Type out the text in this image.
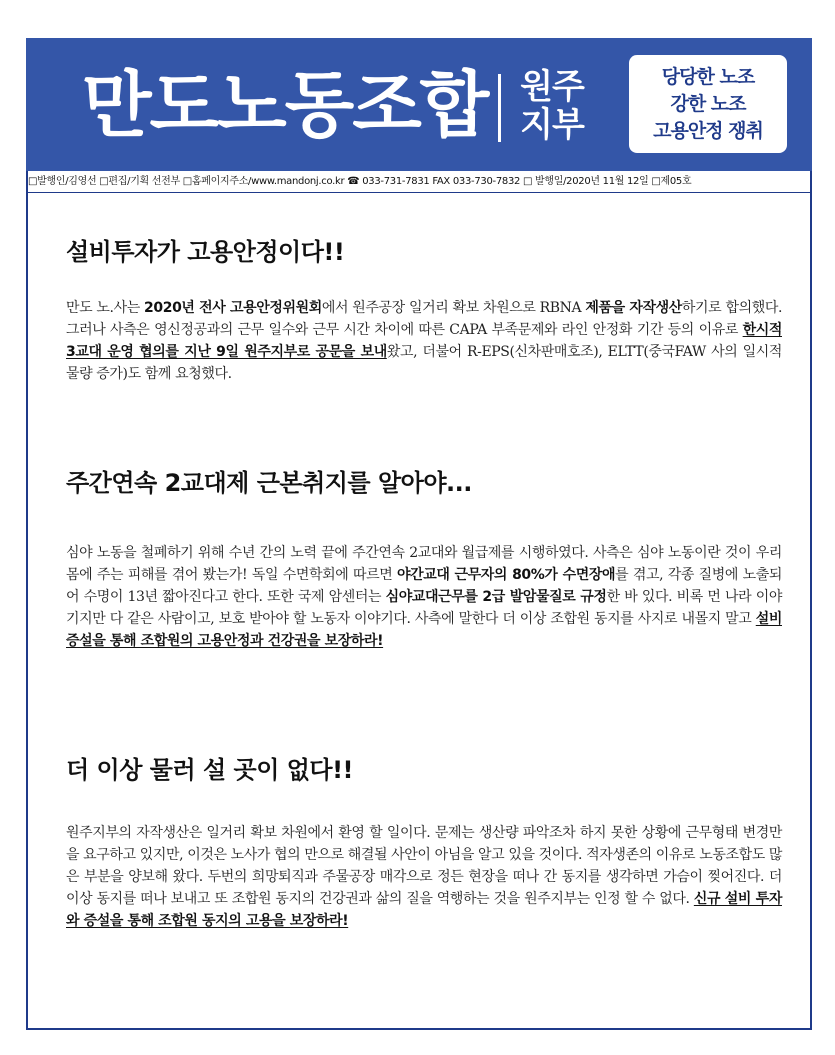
만도노동조합 원주
지부
당당한 노조
강한 노조
고용안정 쟁취
□발행인/김영선 □편집/기획 선전부 □홈페이지주소/www.mandonj.co.kr ☎ 033-731-7831 FAX 033-730-7832 □ 발행일/2020년 11월 12일 □제05호
설비투자가 고용안정이다!!
만도 노.사는 2020년 전사 고용안정위원회에서 원주공장 일거리 확보 차원으로 RBNA 제품을 자작생산하기로 합의했다. 그러나 사측은 영신정공과의 근무 일수와 근무 시간 차이에 따른 CAPA 부족문제와 라인 안정화 기간 등의 이유로 한시적 3교대 운영 협의를 지난 9일 원주지부로 공문을 보내왔고, 더불어 R-EPS(신차판매호조), ELTT(중국FAW 사의 일시적 물량 증가)도 함께 요청했다.
주간연속 2교대제 근본취지를 알아야...
심야 노동을 철폐하기 위해 수년 간의 노력 끝에 주간연속 2교대와 월급제를 시행하였다. 사측은 심야 노동이란 것이 우리 몸에 주는 피해를 겪어 봤는가! 독일 수면학회에 따르면 야간교대 근무자의 80%가 수면장애를 겪고, 각종 질병에 노출되어 수명이 13년 짧아진다고 한다. 또한 국제 암센터는 심야교대근무를 2급 발암물질로 규정한 바 있다. 비록 먼 나라 이야기지만 다 같은 사람이고, 보호 받아야 할 노동자 이야기다. 사측에 말한다 더 이상 조합원 동지를 사지로 내몰지 말고 설비 증설을 통해 조합원의 고용안정과 건강권을 보장하라!
더 이상 물러 설 곳이 없다!!
원주지부의 자작생산은 일거리 확보 차원에서 환영 할 일이다. 문제는 생산량 파악조차 하지 못한 상황에 근무형태 변경만을 요구하고 있지만, 이것은 노사가 협의 만으로 해결될 사안이 아님을 알고 있을 것이다. 적자생존의 이유로 노동조합도 많은 부분을 양보해 왔다. 두번의 희망퇴직과 주물공장 매각으로 정든 현장을 떠나 간 동지를 생각하면 가슴이 찢어진다. 더 이상 동지를 떠나 보내고 또 조합원 동지의 건강권과 삶의 질을 역행하는 것을 원주지부는 인정 할 수 없다. 신규 설비 투자와 증설을 통해 조합원 동지의 고용을 보장하라!
